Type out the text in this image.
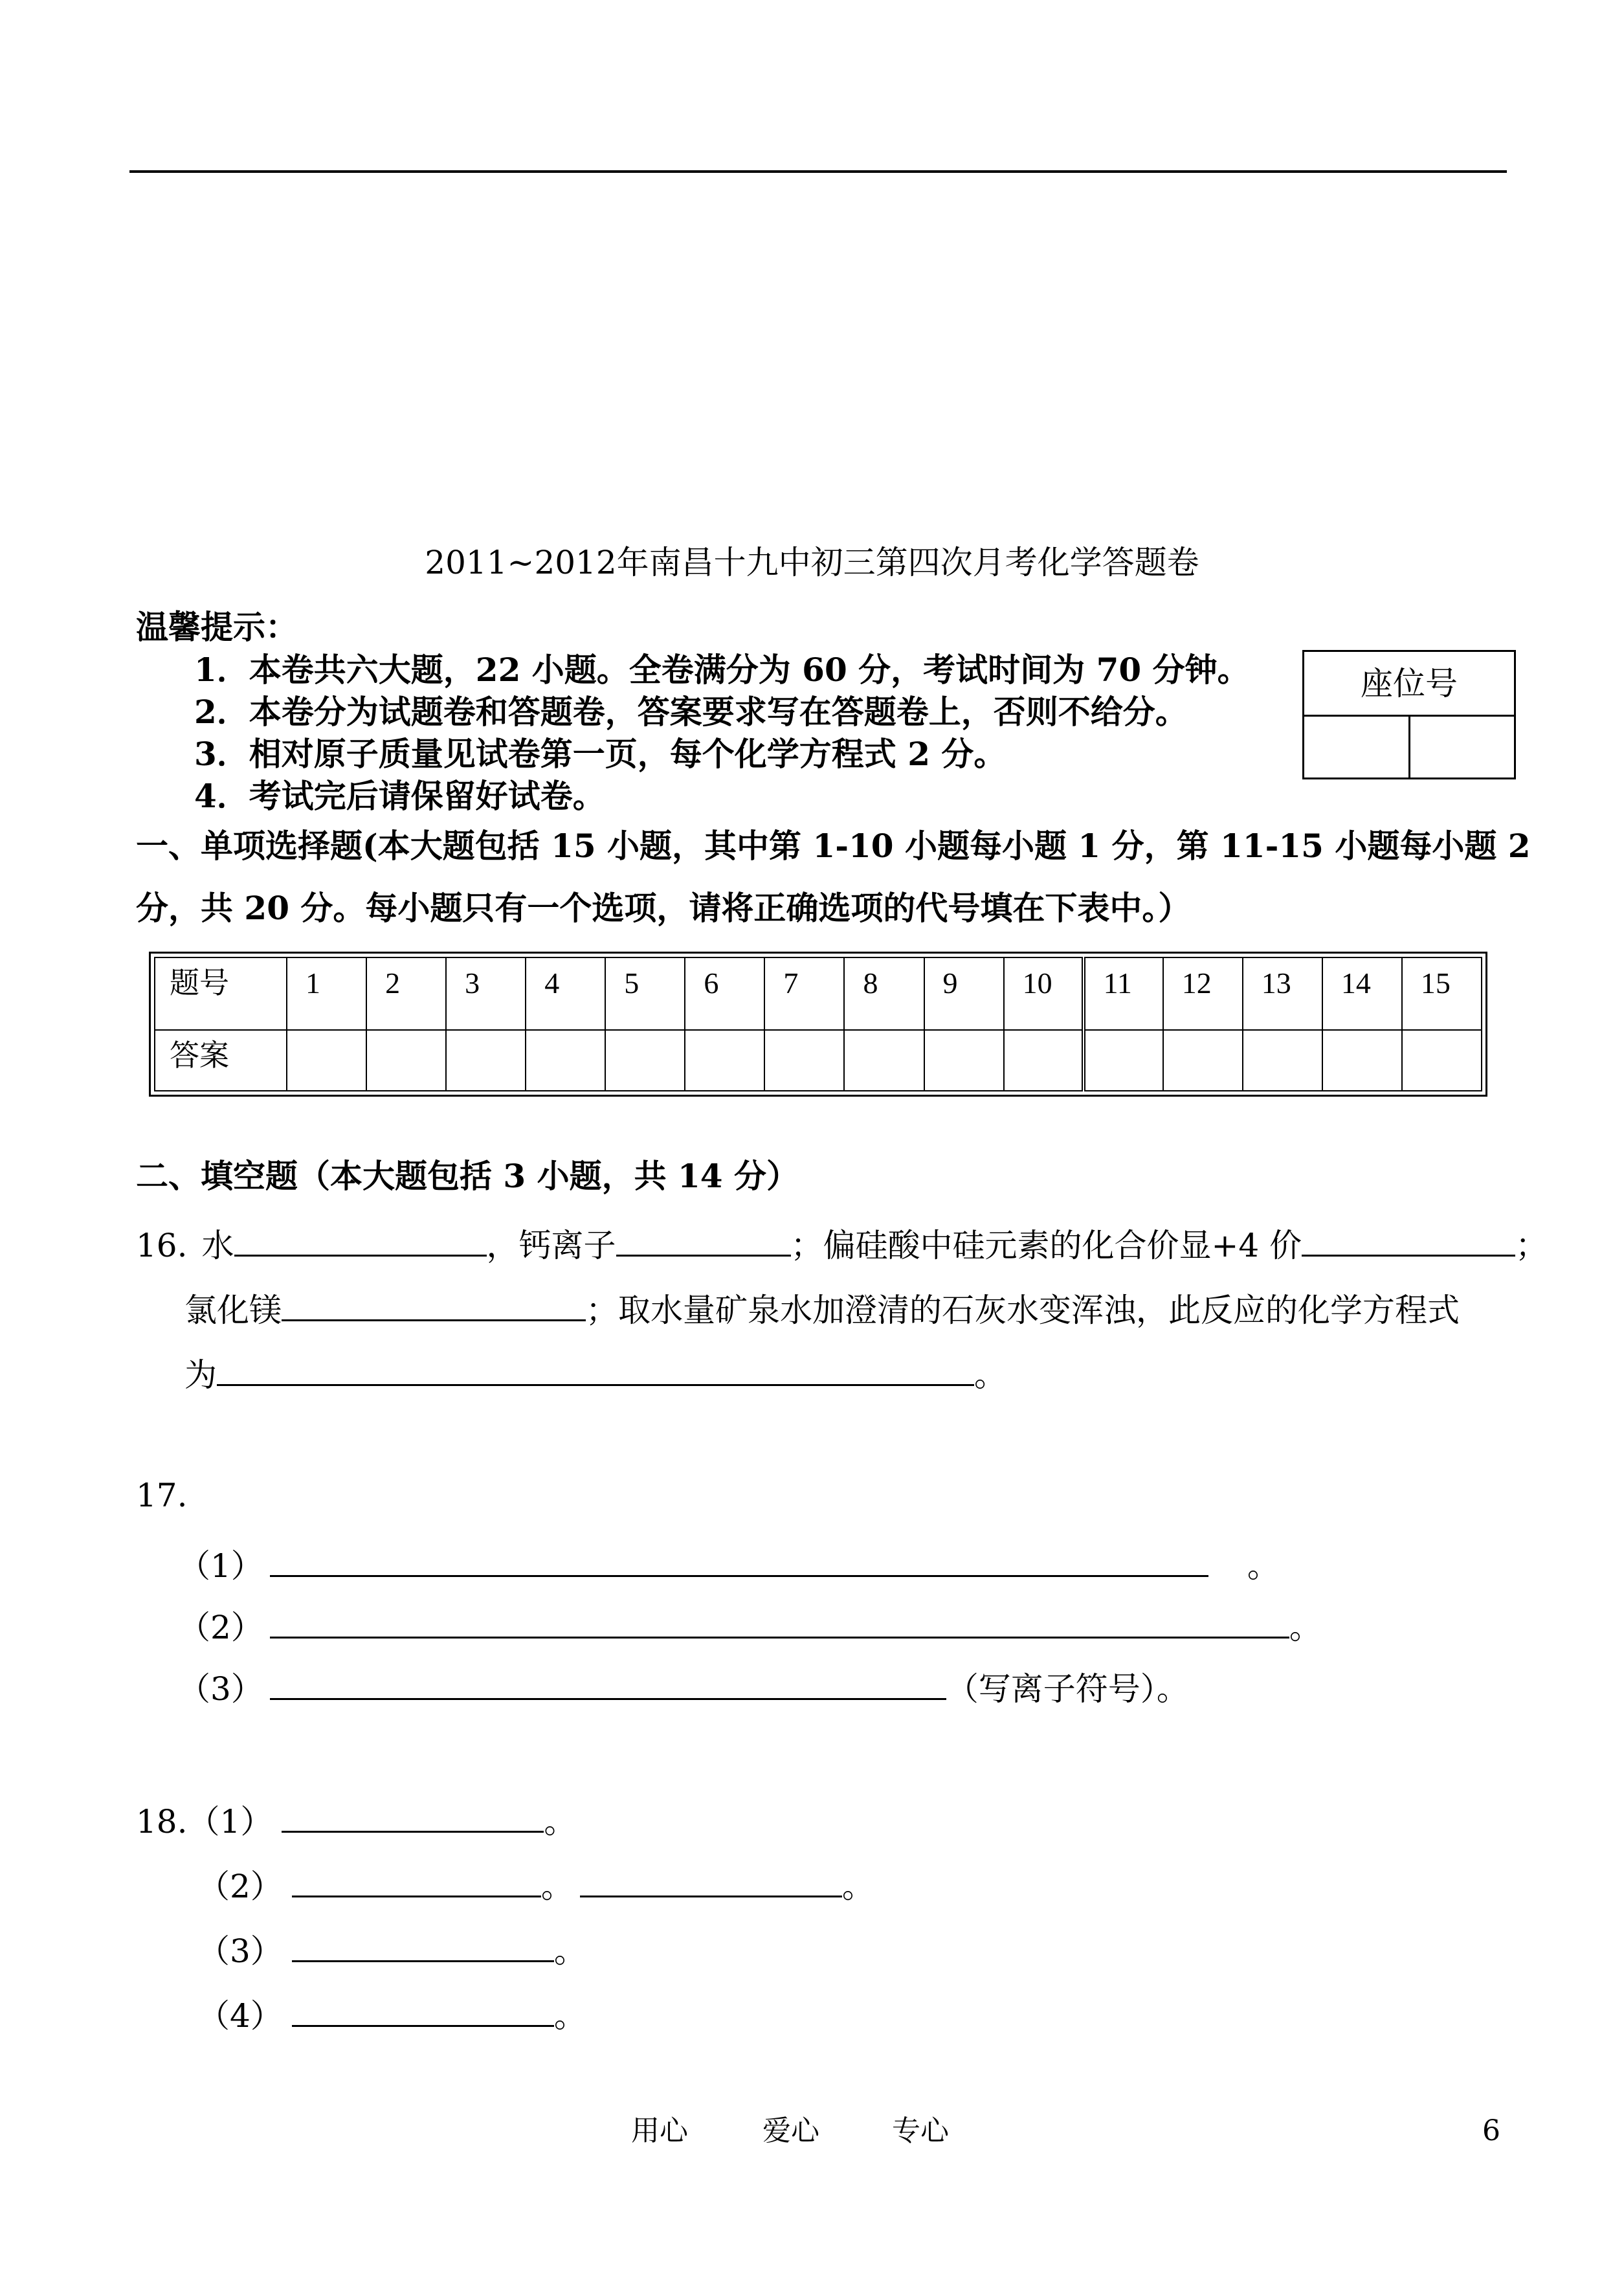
2011~2012年南昌十九中初三第四次月考化学答题卷
温馨提示：
1．本卷共六大题，22 小题。全卷满分为 60 分，考试时间为 70 分钟。
2．本卷分为试题卷和答题卷，答案要求写在答题卷上，否则不给分。
3．相对原子质量见试卷第一页，每个化学方程式 2 分。
4．考试完后请保留好试卷。
座位号
一、单项选择题(本大题包括 15 小题，其中第 1-10 小题每小题 1 分，第 11-15 小题每小题 2
分，共 20 分。每小题只有一个选项，请将正确选项的代号填在下表中。）
题号	1	2	3	4	5	6	7	8	9	10	11	12	13	14	15
答案															
二、填空题（本大题包括 3 小题，共 14 分）
16. 水	，钙离子	；偏硅酸中硅元素的化合价显+4 价	；
氯化镁	；取水量矿泉水加澄清的石灰水变浑浊，此反应的化学方程式
为	。
17.
（1）	。
（2）	。
（3）	（写离子符号）。
18.（1）	。
（2）	。	。
（3）	。
（4）	。
用心	爱心	专心	6
